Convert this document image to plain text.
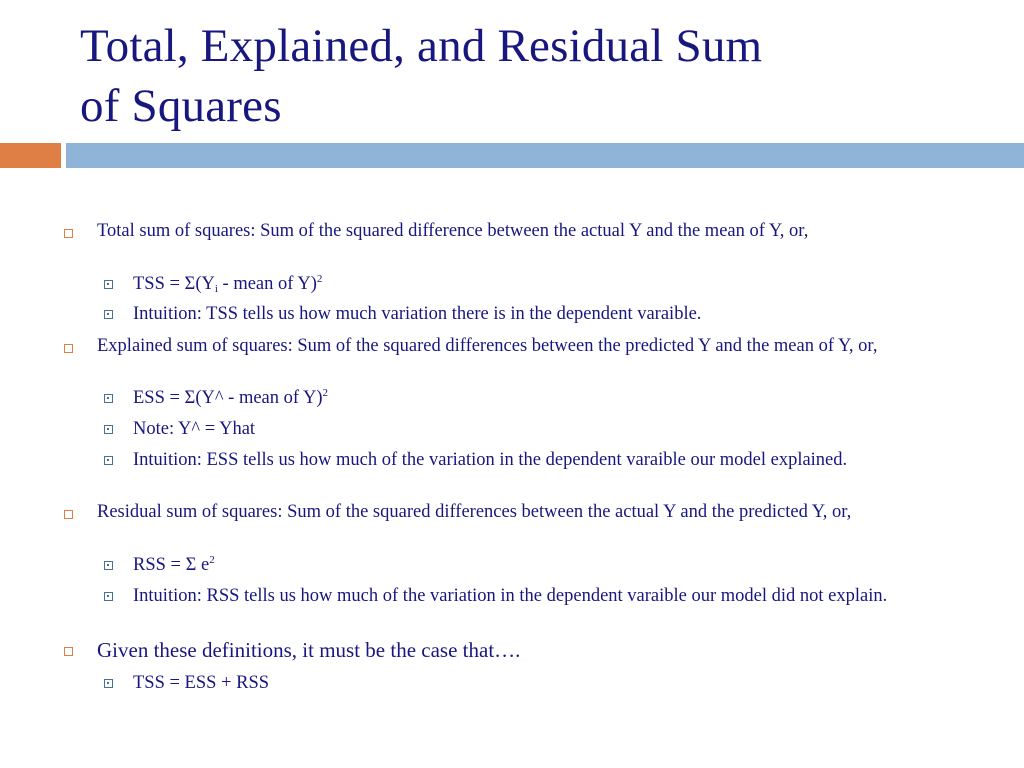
Total, Explained, and Residual Sum
of Squares
Total sum of squares: Sum of the squared difference between the actual Y and the mean of Y, or,
TSS = $\Sigma(Y_i$ - mean of Y)$^2$
Intuition: TSS tells us how much variation there is in the dependent varaible.
Explained sum of squares: Sum of the squared differences between the predicted Y and the mean of Y, or,
ESS = Σ(Y^ - mean of Y)$^2$
Note: Y^ = Yhat
Intuition: ESS tells us how much of the variation in the dependent varaible our model explained.
Residual sum of squares: Sum of the squared differences between the actual Y and the predicted Y, or,
RSS = Σ $e^2$
Intuition: RSS tells us how much of the variation in the dependent varaible our model did not explain.
Given these definitions, it must be the case that….
TSS = ESS + RSS
